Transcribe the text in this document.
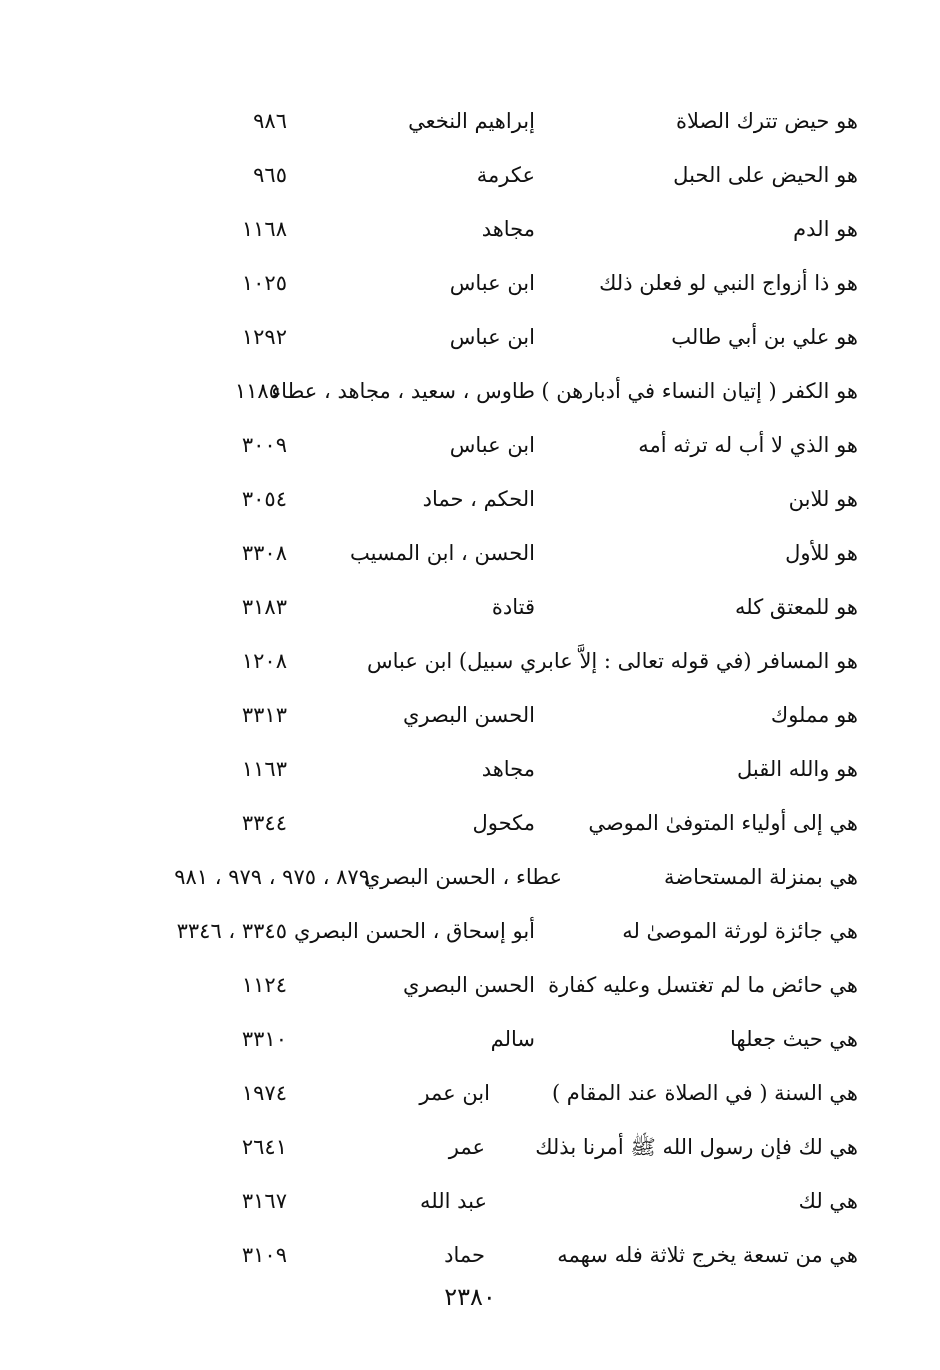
هو حيض تترك الصلاة
إبراهيم النخعي
٩٨٦
هو الحيض على الحبل
عكرمة
٩٦٥
هو الدم
مجاهد
١١٦٨
هو ذا أزواج النبي لو فعلن ذلك
ابن عباس
١٠٢٥
هو علي بن أبي طالب
ابن عباس
١٢٩٢
هو الكفر ( إتيان النساء في أدبارهن )
طاوس ، سعيد ، مجاهد ، عطاء
١١٨٥
هو الذي لا أب له ترثه أمه
ابن عباس
٣٠٠٩
هو للابن
الحكم ، حماد
٣٠٥٤
هو للأول
الحسن ، ابن المسيب
٣٣٠٨
هو للمعتق كله
قتادة
٣١٨٣
هو المسافر (في قوله تعالى : إلاَّ عابري سبيل) ابن عباس
١٢٠٨
هو مملوك
الحسن البصري
٣٣١٣
هو والله القبل
مجاهد
١١٦٣
هي إلى أولياء المتوفىٰ الموصي
مكحول
٣٣٤٤
هي بمنزلة المستحاضة
عطاء ، الحسن البصري
٨٧٩ ، ٩٧٥ ، ٩٧٩ ، ٩٨١
هي جائزة لورثة الموصىٰ له
أبو إسحاق ، الحسن البصري
٣٣٤٥ ، ٣٣٤٦
هي حائض ما لم تغتسل وعليه كفارة
الحسن البصري
١١٢٤
هي حيث جعلها
سالم
٣٣١٠
هي السنة ( في الصلاة عند المقام )
ابن عمر
١٩٧٤
هي لك فإن رسول الله ﷺ أمرنا بذلك
عمر
٢٦٤١
هي لك
عبد الله
٣١٦٧
هي من تسعة يخرج ثلاثة فله سهمه
حماد
٣١٠٩
٢٣٨٠
